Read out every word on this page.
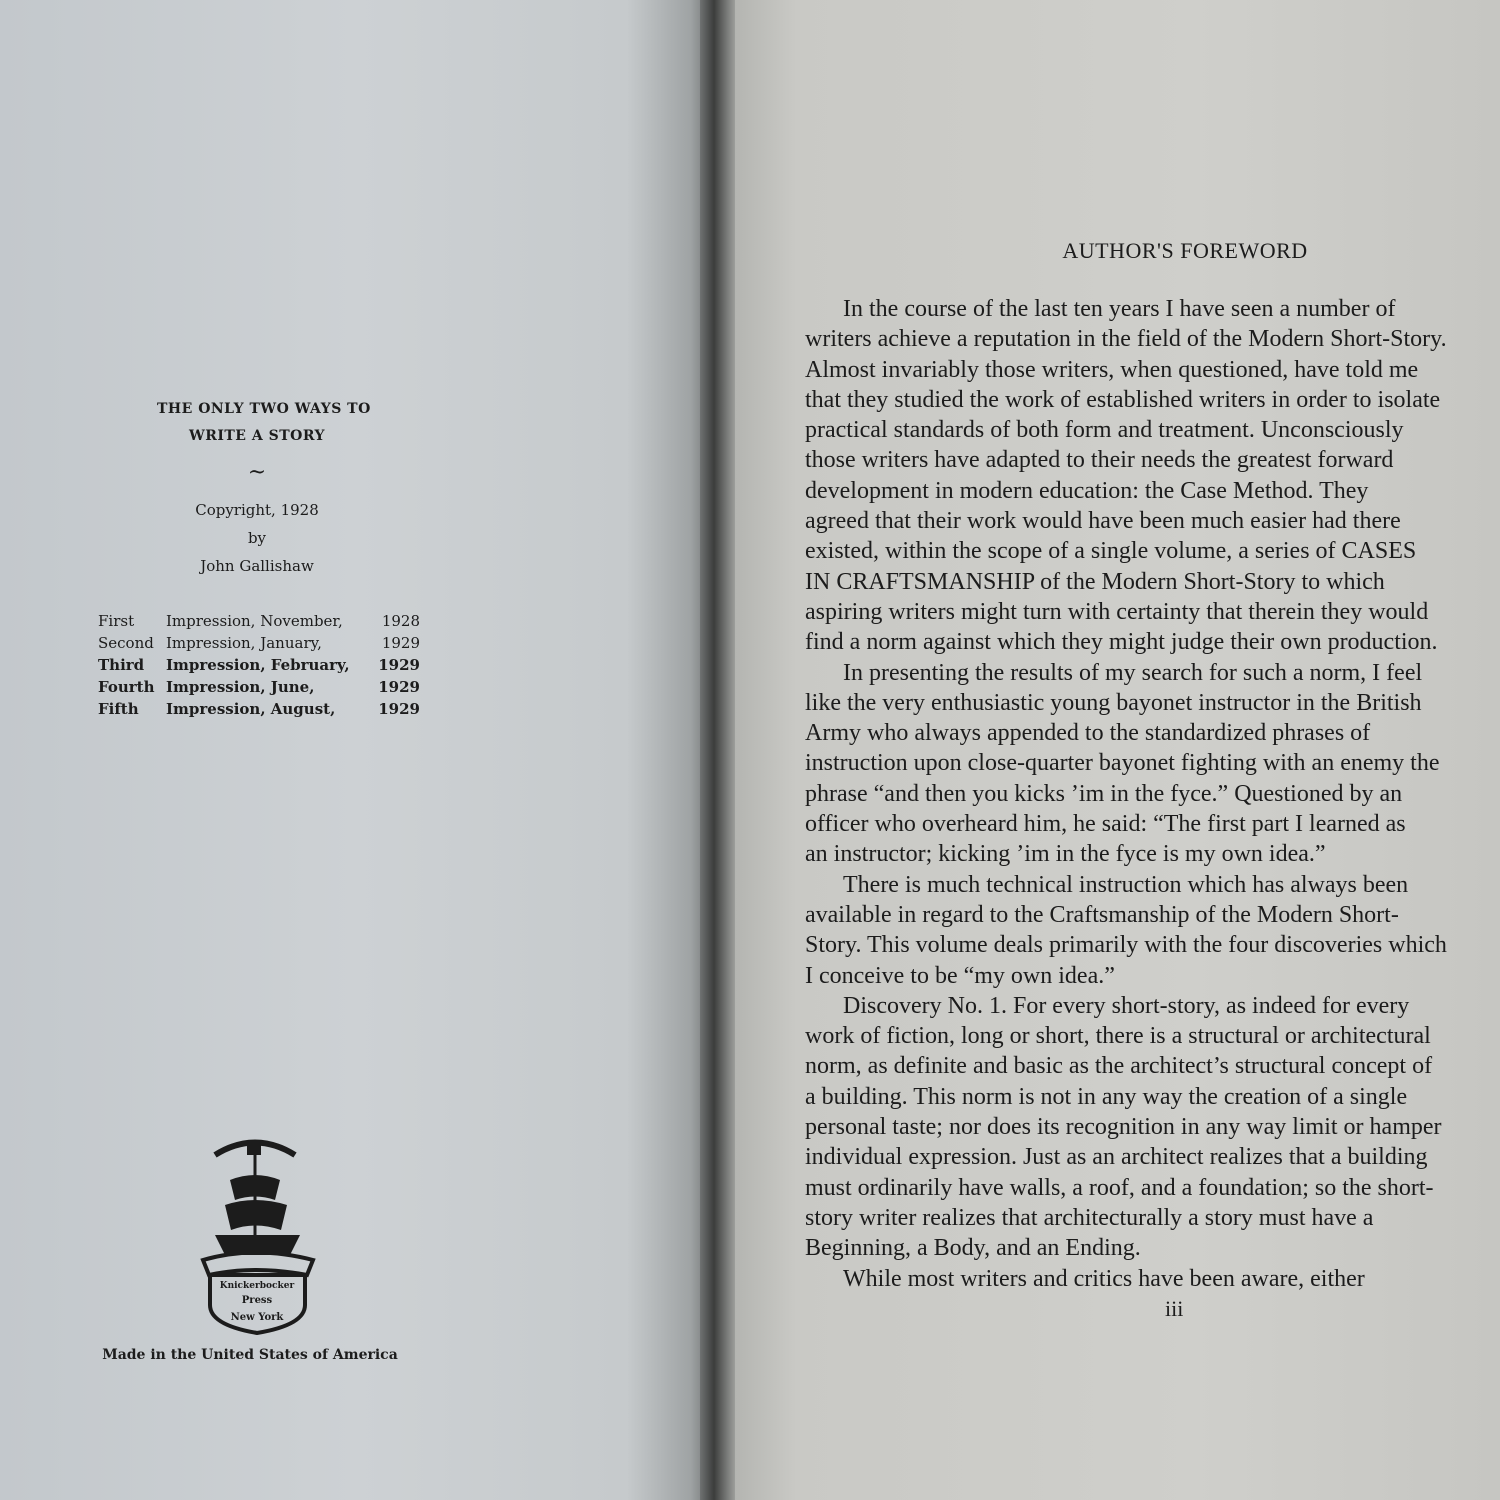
THE ONLY TWO WAYS TO
WRITE A STORY
~
Copyright, 1928
by
John Gallishaw
First	Impression, November,	1928
Second Impression, January,	1929
Third	Impression, February,	1929
Fourth Impression, June,	1929
Fifth	Impression, August,	1929
Knickerbocker
Press
New York
Made in the United States of America
AUTHOR'S FOREWORD
In the course of the last ten years I have seen a number of
writers achieve a reputation in the field of the Modern Short-Story.
Almost invariably those writers, when questioned, have told me
that they studied the work of established writers in order to isolate
practical standards of both form and treatment. Unconsciously
those writers have adapted to their needs the greatest forward
development in modern education: the Case Method. They
agreed that their work would have been much easier had there
existed, within the scope of a single volume, a series of CASES
IN CRAFTSMANSHIP of the Modern Short-Story to which
aspiring writers might turn with certainty that therein they would
find a norm against which they might judge their own production.
In presenting the results of my search for such a norm, I feel
like the very enthusiastic young bayonet instructor in the British
Army who always appended to the standardized phrases of
instruction upon close-quarter bayonet fighting with an enemy the
phrase “and then you kicks ’im in the fyce.” Questioned by an
officer who overheard him, he said: “The first part I learned as
an instructor; kicking ’im in the fyce is my own idea.”
There is much technical instruction which has always been
available in regard to the Craftsmanship of the Modern Short-
Story. This volume deals primarily with the four discoveries which
I conceive to be “my own idea.”
Discovery No. 1. For every short-story, as indeed for every
work of fiction, long or short, there is a structural or architectural
norm, as definite and basic as the architect’s structural concept of
a building. This norm is not in any way the creation of a single
personal taste; nor does its recognition in any way limit or hamper
individual expression. Just as an architect realizes that a building
must ordinarily have walls, a roof, and a foundation; so the short-
story writer realizes that architecturally a story must have a
Beginning, a Body, and an Ending.
While most writers and critics have been aware, either
iii
